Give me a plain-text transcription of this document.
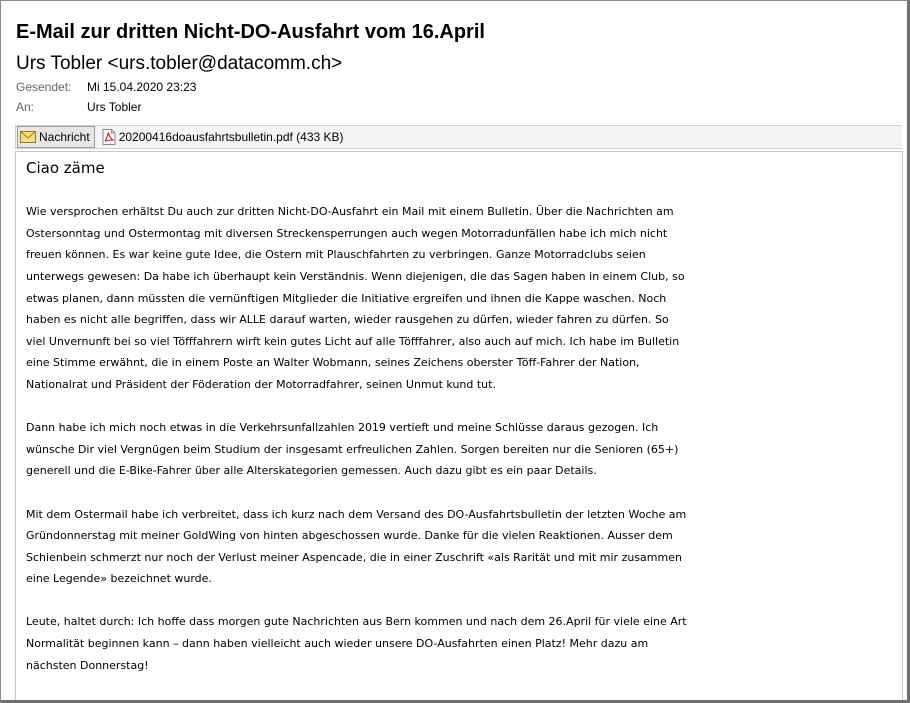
E-Mail zur dritten Nicht-DO-Ausfahrt vom 16.April
Urs Tobler <urs.tobler@datacomm.ch>
Gesendet:	Mi 15.04.2020 23:23
An:	Urs Tobler
Nachricht 20200416doausfahrtsbulletin.pdf (433 KB)

Ciao zäme

Wie versprochen erhältst Du auch zur dritten Nicht-DO-Ausfahrt ein Mail mit einem Bulletin. Über die Nachrichten am
Ostersonntag und Ostermontag mit diversen Streckensperrungen auch wegen Motorradunfällen habe ich mich nicht
freuen können. Es war keine gute Idee, die Ostern mit Plauschfahrten zu verbringen. Ganze Motorradclubs seien
unterwegs gewesen: Da habe ich überhaupt kein Verständnis. Wenn diejenigen, die das Sagen haben in einem Club, so
etwas planen, dann müssten die vernünftigen Mitglieder die Initiative ergreifen und ihnen die Kappe waschen. Noch
haben es nicht alle begriffen, dass wir ALLE darauf warten, wieder rausgehen zu dürfen, wieder fahren zu dürfen. So
viel Unvernunft bei so viel Töfffahrern wirft kein gutes Licht auf alle Töfffahrer, also auch auf mich. Ich habe im Bulletin
eine Stimme erwähnt, die in einem Poste an Walter Wobmann, seines Zeichens oberster Töff-Fahrer der Nation,
Nationalrat und Präsident der Föderation der Motorradfahrer, seinen Unmut kund tut.

Dann habe ich mich noch etwas in die Verkehrsunfallzahlen 2019 vertieft und meine Schlüsse daraus gezogen. Ich
wünsche Dir viel Vergnügen beim Studium der insgesamt erfreulichen Zahlen. Sorgen bereiten nur die Senioren (65+)
generell und die E-Bike-Fahrer über alle Alterskategorien gemessen. Auch dazu gibt es ein paar Details.

Mit dem Ostermail habe ich verbreitet, dass ich kurz nach dem Versand des DO-Ausfahrtsbulletin der letzten Woche am
Gründonnerstag mit meiner GoldWing von hinten abgeschossen wurde. Danke für die vielen Reaktionen. Ausser dem
Schienbein schmerzt nur noch der Verlust meiner Aspencade, die in einer Zuschrift «als Rarität und mit mir zusammen
eine Legende» bezeichnet wurde.

Leute, haltet durch: Ich hoffe dass morgen gute Nachrichten aus Bern kommen und nach dem 26.April für viele eine Art
Normalität beginnen kann – dann haben vielleicht auch wieder unsere DO-Ausfahrten einen Platz! Mehr dazu am
nächsten Donnerstag!
